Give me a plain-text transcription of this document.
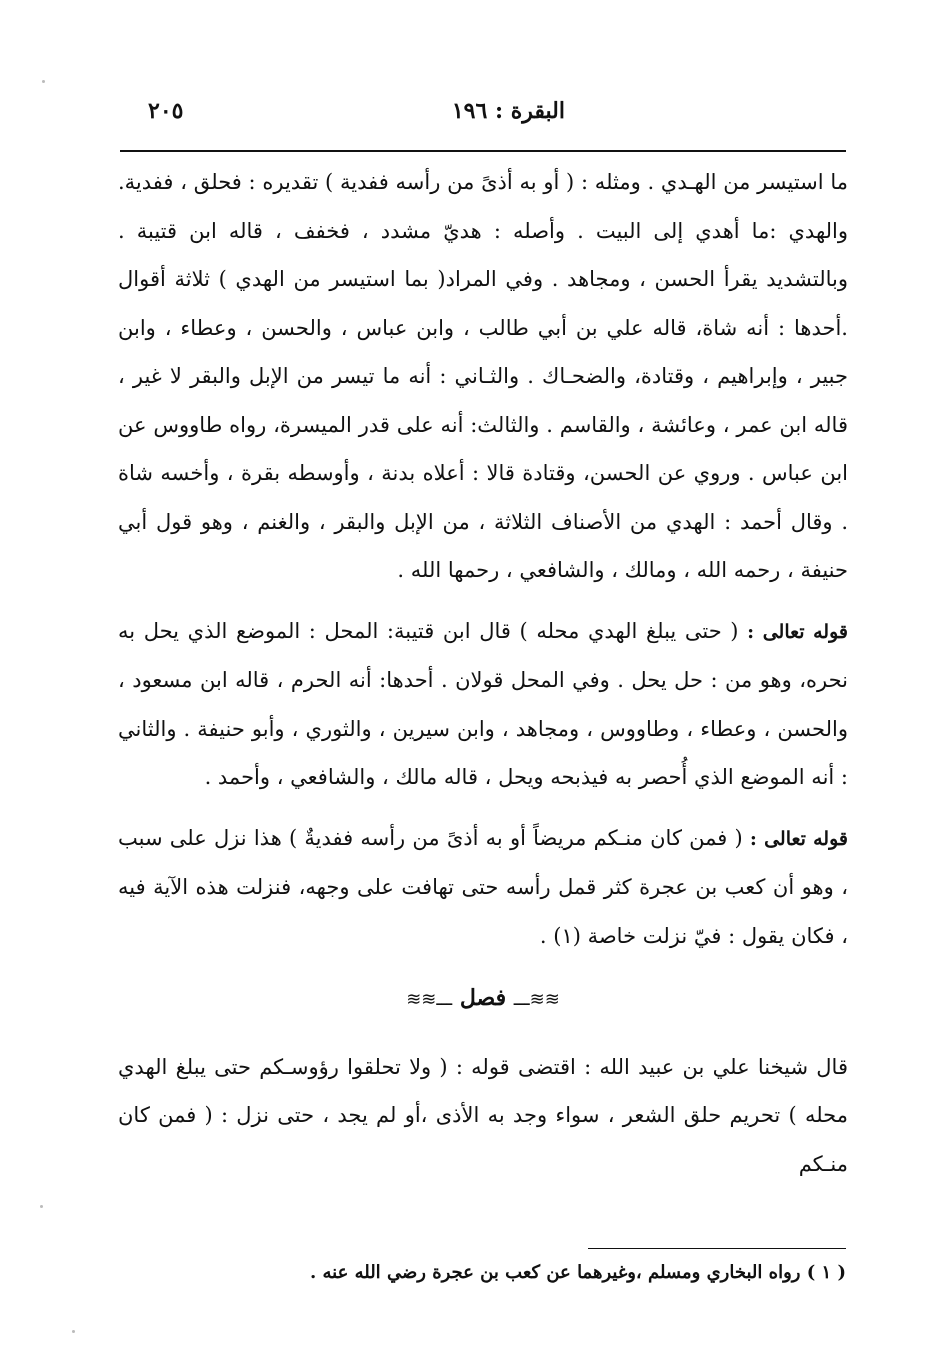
البقرة : ١٩٦
٢٠٥

ما استيسر من الهـدي . ومثله : ( أو به أذىً من رأسه ففدية ) تقديره : فحلق ، ففدية. والهدي :ما أهدي إلى البيت . وأصله : هديّ مشدد ، فخفف ، قاله ابن قتيبة . وبالتشديد يقرأ الحسن ، ومجاهد . وفي المراد( بما استيسر من الهدي ) ثلاثة أقوال .أحدها : أنه شاة، قاله علي بن أبي طالب ، وابن عباس ، والحسن ، وعطاء ، وابن جبير ، وإبراهيم ، وقتادة، والضحـاك . والثـاني : أنه ما تيسر من الإبل والبقر لا غير ، قاله ابن عمر ، وعائشة ، والقاسم . والثالث: أنه على قدر الميسرة، رواه طاووس عن ابن عباس . وروي عن الحسن، وقتادة قالا : أعلاه بدنة ، وأوسطه بقرة ، وأخسه شاة . وقال أحمد : الهدي من الأصناف الثلاثة ، من الإبل والبقر ، والغنم ، وهو قول أبي حنيفة ، رحمه الله ، ومالك ، والشافعي ، رحمها الله .

قوله تعالى : ( حتى يبلغ الهدي محله ) قال ابن قتيبة: المحل : الموضع الذي يحل به نحره، وهو من : حل يحل . وفي المحل قولان . أحدها: أنه الحرم ، قاله ابن مسعود ، والحسن ، وعطاء ، وطاووس ، ومجاهد ، وابن سيرين ، والثوري ، وأبو حنيفة . والثاني : أنه الموضع الذي أُحصر به فيذبحه ويحل ، قاله مالك ، والشافعي ، وأحمد .

قوله تعالى : ( فمن كان منـكم مريضاً أو به أذىً من رأسه ففديةٌ ) هذا نزل على سبب ، وهو أن كعب بن عجرة كثر قمل رأسه حتى تهافت على وجهه، فنزلت هذه الآية فيه ، فكان يقول : فيّ نزلت خاصة (١) .

≋≋ـــ فصل ـــ≋≋

قال شيخنا علي بن عبيد الله : اقتضى قوله : ( ولا تحلقوا رؤوسـكم حتى يبلغ الهدي محله ) تحريم حلق الشعر ، سواء وجد به الأذى ،أو لم يجد ، حتى نزل : ( فمن كان منـكم

( ١ ) رواه البخاري ومسلم ،وغيرهما عن كعب بن عجرة رضي الله عنه .
